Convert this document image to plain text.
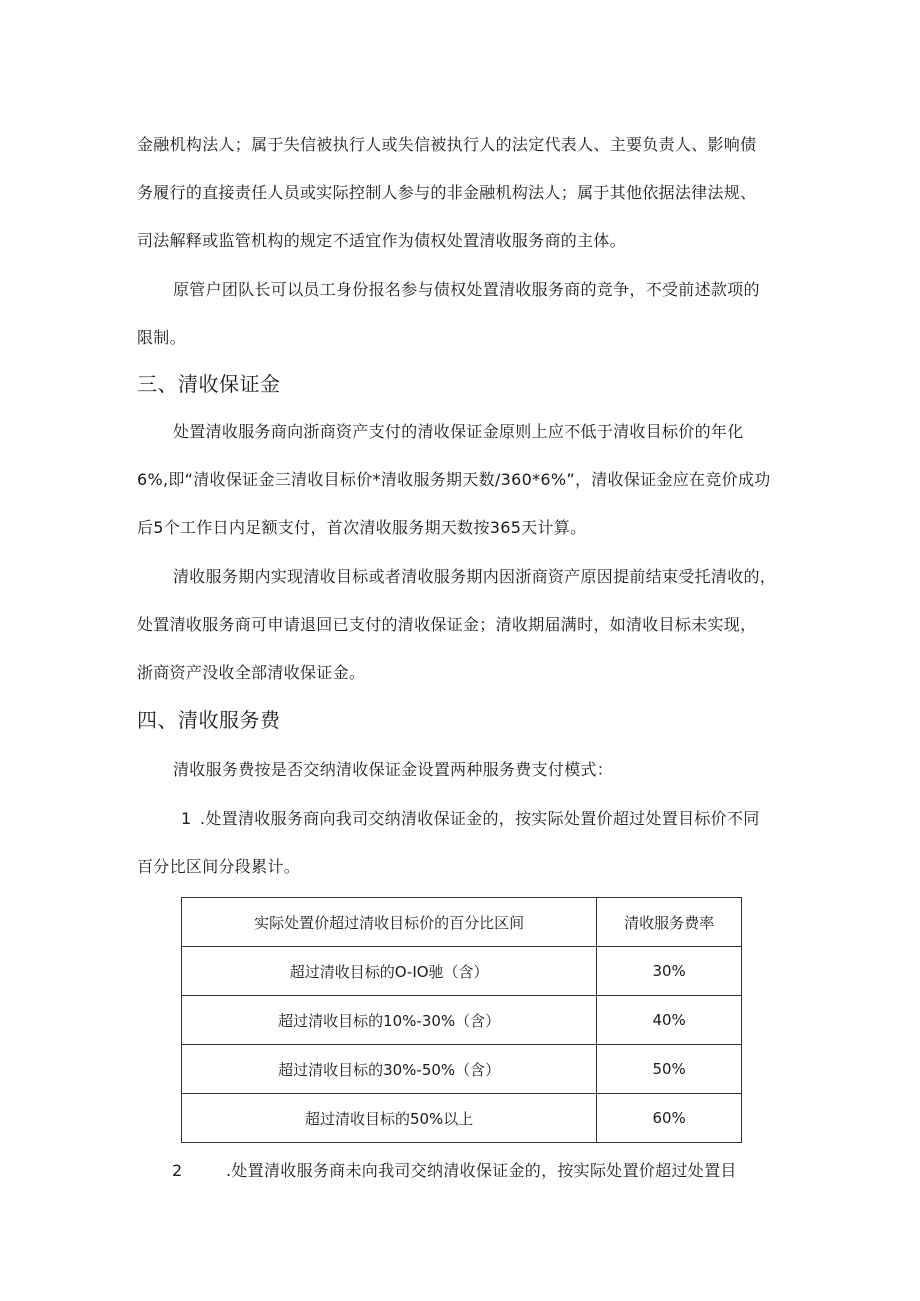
金融机构法人；属于失信被执行人或失信被执行人的法定代表人、主要负责人、影响债
务履行的直接责任人员或实际控制人参与的非金融机构法人；属于其他依据法律法规、
司法解释或监管机构的规定不适宜作为债权处置清收服务商的主体。

原管户团队长可以员工身份报名参与债权处置清收服务商的竞争，不受前述款项的
限制。

三、清收保证金

处置清收服务商向浙商资产支付的清收保证金原则上应不低于清收目标价的年化
6%,即“清收保证金三清收目标价*清收服务期天数/360*6%”，清收保证金应在竞价成功
后5个工作日内足额支付，首次清收服务期天数按365天计算。

清收服务期内实现清收目标或者清收服务期内因浙商资产原因提前结束受托清收的，
处置清收服务商可申请退回已支付的清收保证金；清收期届满时，如清收目标未实现，
浙商资产没收全部清收保证金。

四、清收服务费

清收服务费按是否交纳清收保证金设置两种服务费支付模式：

1 .处置清收服务商向我司交纳清收保证金的，按实际处置价超过处置目标价不同
百分比区间分段累计。
实际处置价超过清收目标价的百分比区间	清收服务费率
超过清收目标的O-IO驰（含）	30%
超过清收目标的10%-30%（含）	40%
超过清收目标的30%-50%（含）	50%
超过清收目标的50%以上	60%
2	.处置清收服务商未向我司交纳清收保证金的，按实际处置价超过处置目
